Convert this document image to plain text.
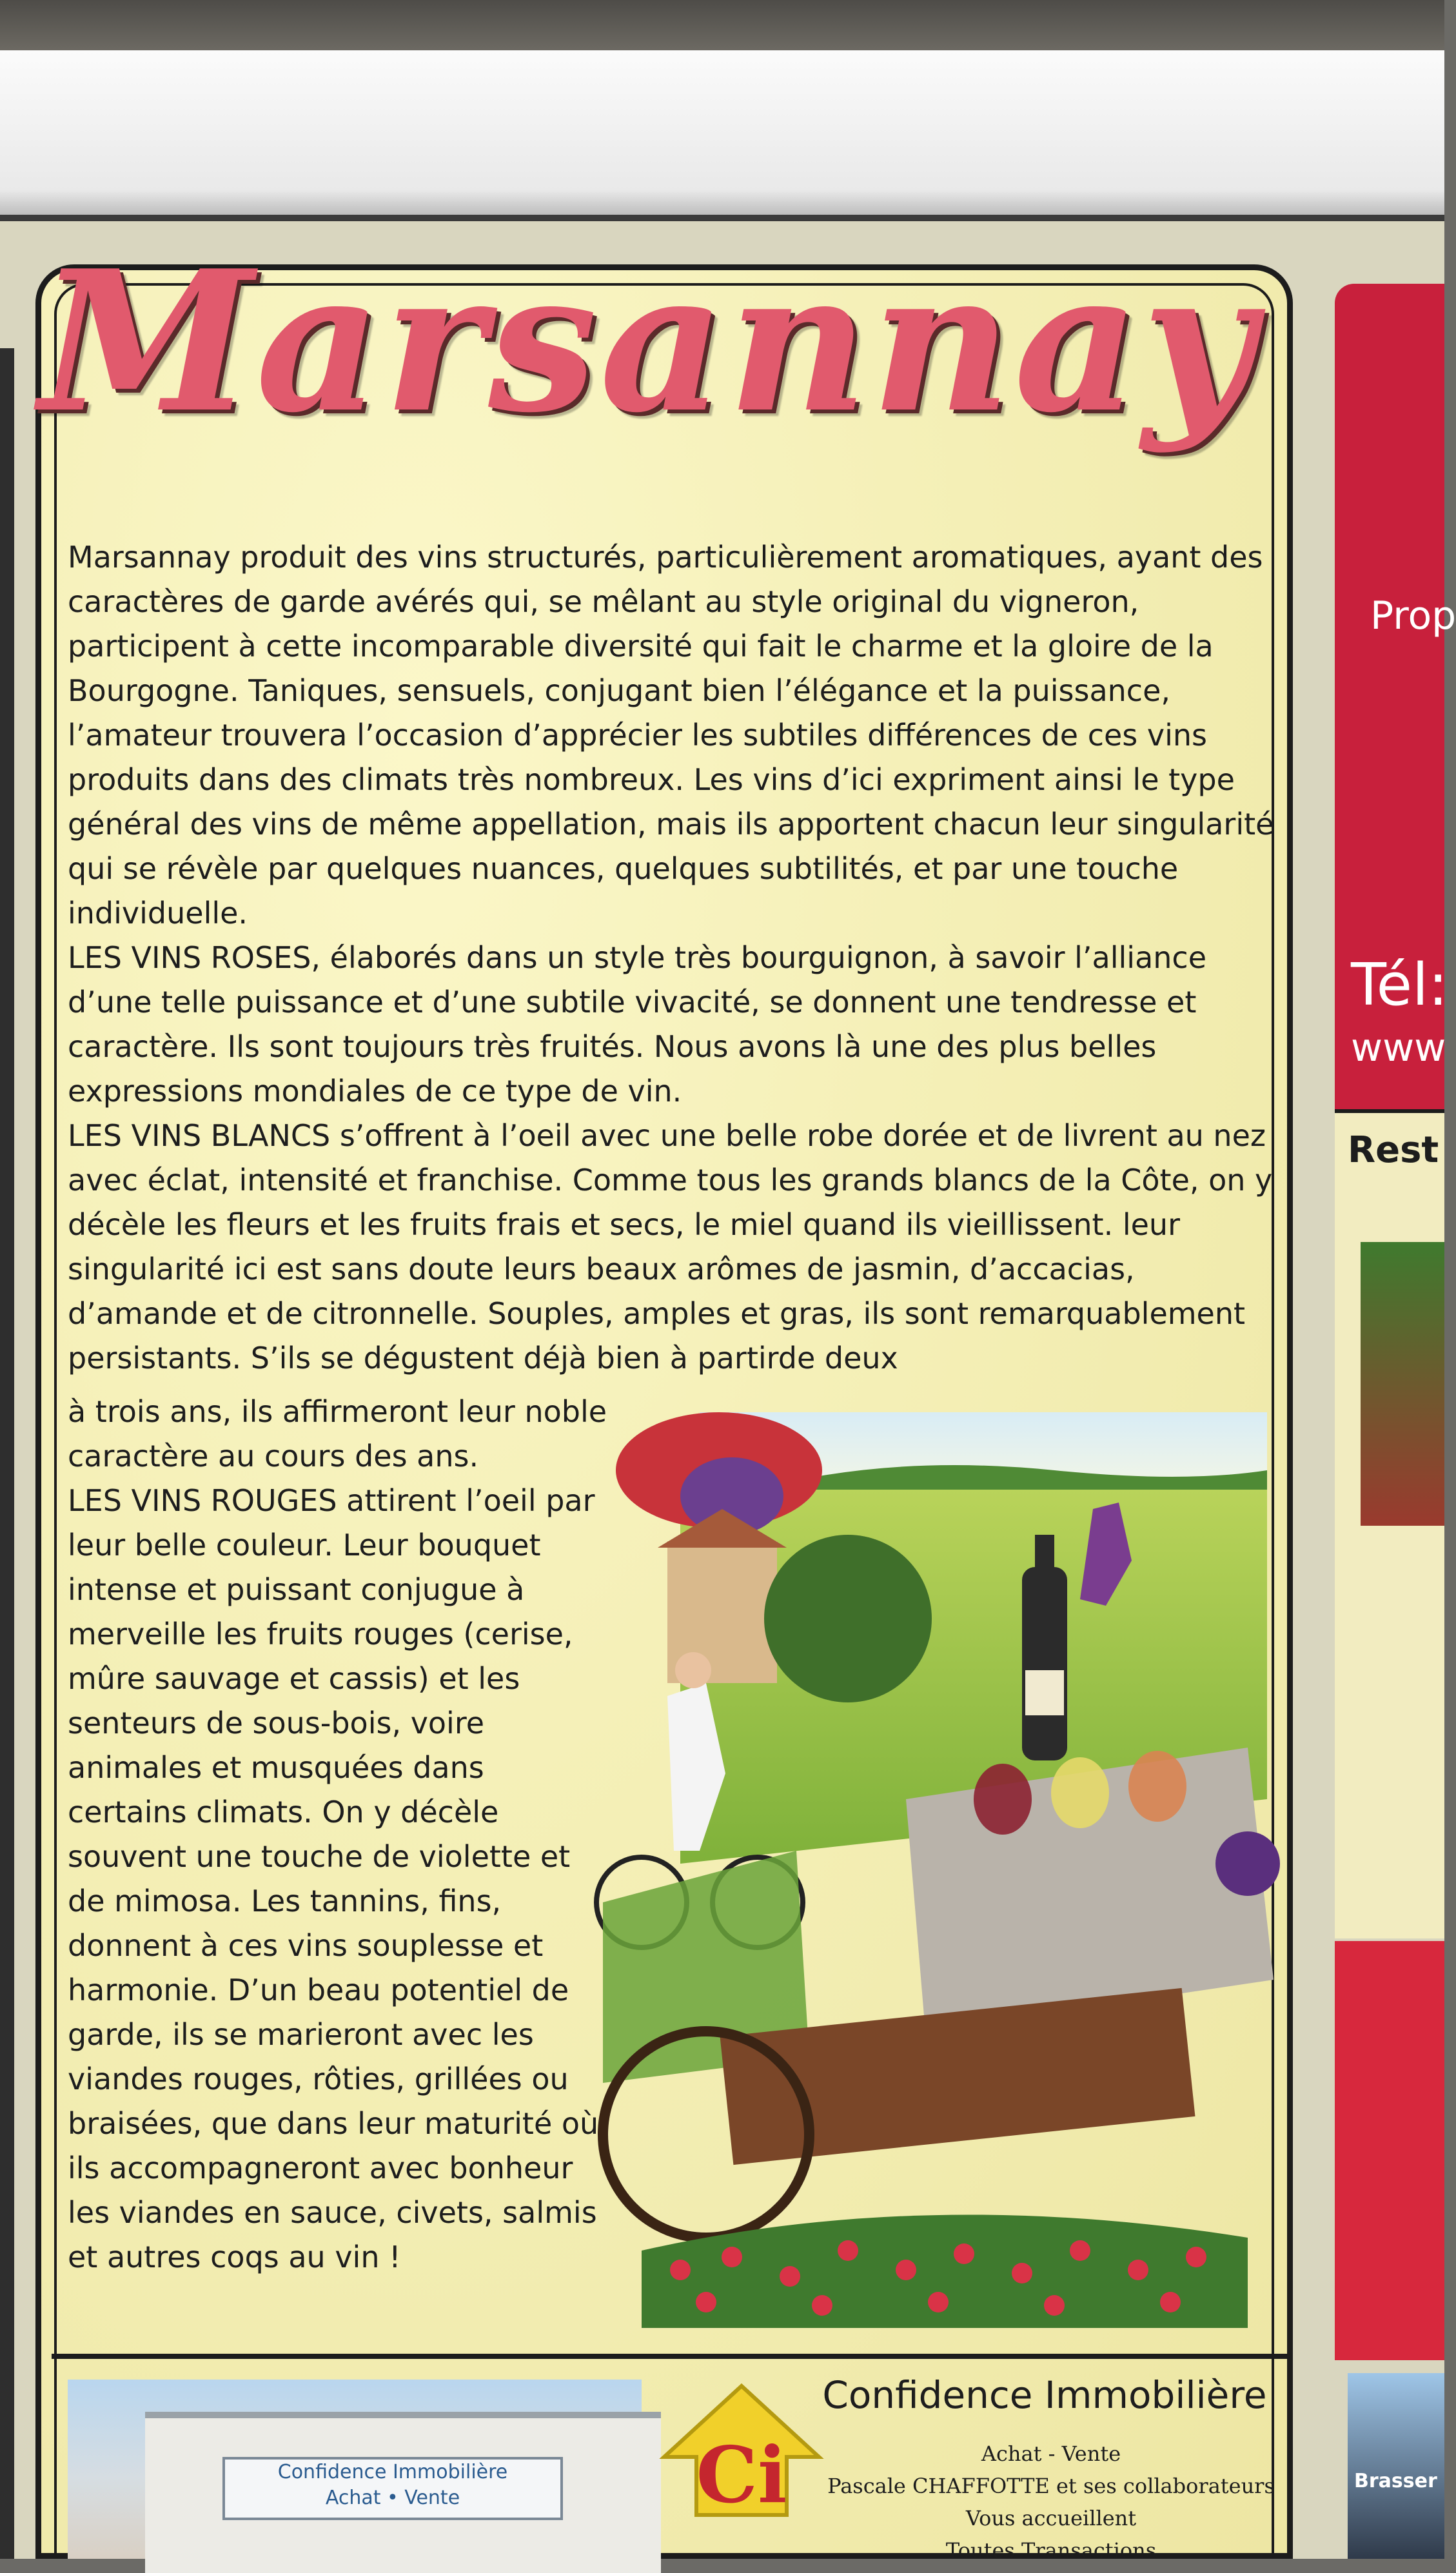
Marsannay

Marsannay produit des vins structurés, particulièrement aromatiques, ayant des caractères de garde avérés qui, se mêlant au style original du vigneron, participent à cette incomparable diversité qui fait le charme et la gloire de la Bourgogne. Taniques, sensuels, conjugant bien l’élégance et la puissance, l’amateur trouvera l’occasion d’apprécier les subtiles différences de ces vins produits dans des climats très nombreux. Les vins d’ici expriment ainsi le type général des vins de même appellation, mais ils apportent chacun leur singularité qui se révèle par quelques nuances, quelques subtilités, et par une touche individuelle.

LES VINS ROSES, élaborés dans un style très bourguignon, à savoir l’alliance d’une telle puissance et d’une subtile vivacité, se donnent une tendresse et caractère. Ils sont toujours très fruités. Nous avons là une des plus belles expressions mondiales de ce type de vin.

LES VINS BLANCS s’offrent à l’oeil avec une belle robe dorée et de livrent au nez avec éclat, intensité et franchise. Comme tous les grands blancs de la Côte, on y décèle les fleurs et les fruits frais et secs, le miel quand ils vieillissent. leur singularité ici est sans doute leurs beaux arômes de jasmin, d’accacias, d’amande et de citronnelle. Souples, amples et gras, ils sont remarquablement persistants. S’ils se dégustent déjà bien à partirde deux

à trois ans, ils affirmeront leur noble caractère au cours des ans.

LES VINS ROUGES attirent l’oeil par leur belle couleur. Leur bouquet intense et puissant conjugue à merveille les fruits rouges (cerise, mûre sauvage et cassis) et les senteurs de sous-bois, voire animales et musquées dans certains climats. On y décèle souvent une touche de violette et de mimosa. Les tannins, fins, donnent à ces vins souplesse et harmonie. D’un beau potentiel de garde, ils se marieront avec les viandes rouges, rôties, grillées ou braisées, que dans leur maturité où ils accompagneront avec bonheur les viandes en sauce, civets, salmis et autres coqs au vin !

Confidence Immobilière
Achat • Vente	Ci
Confidence Immobilière
Achat - Vente
Pascale CHAFFOTTE et ses collaborateurs
Vous accueillent
Toutes Transactions
Prop
Tél:
www
Rest
Brasser
